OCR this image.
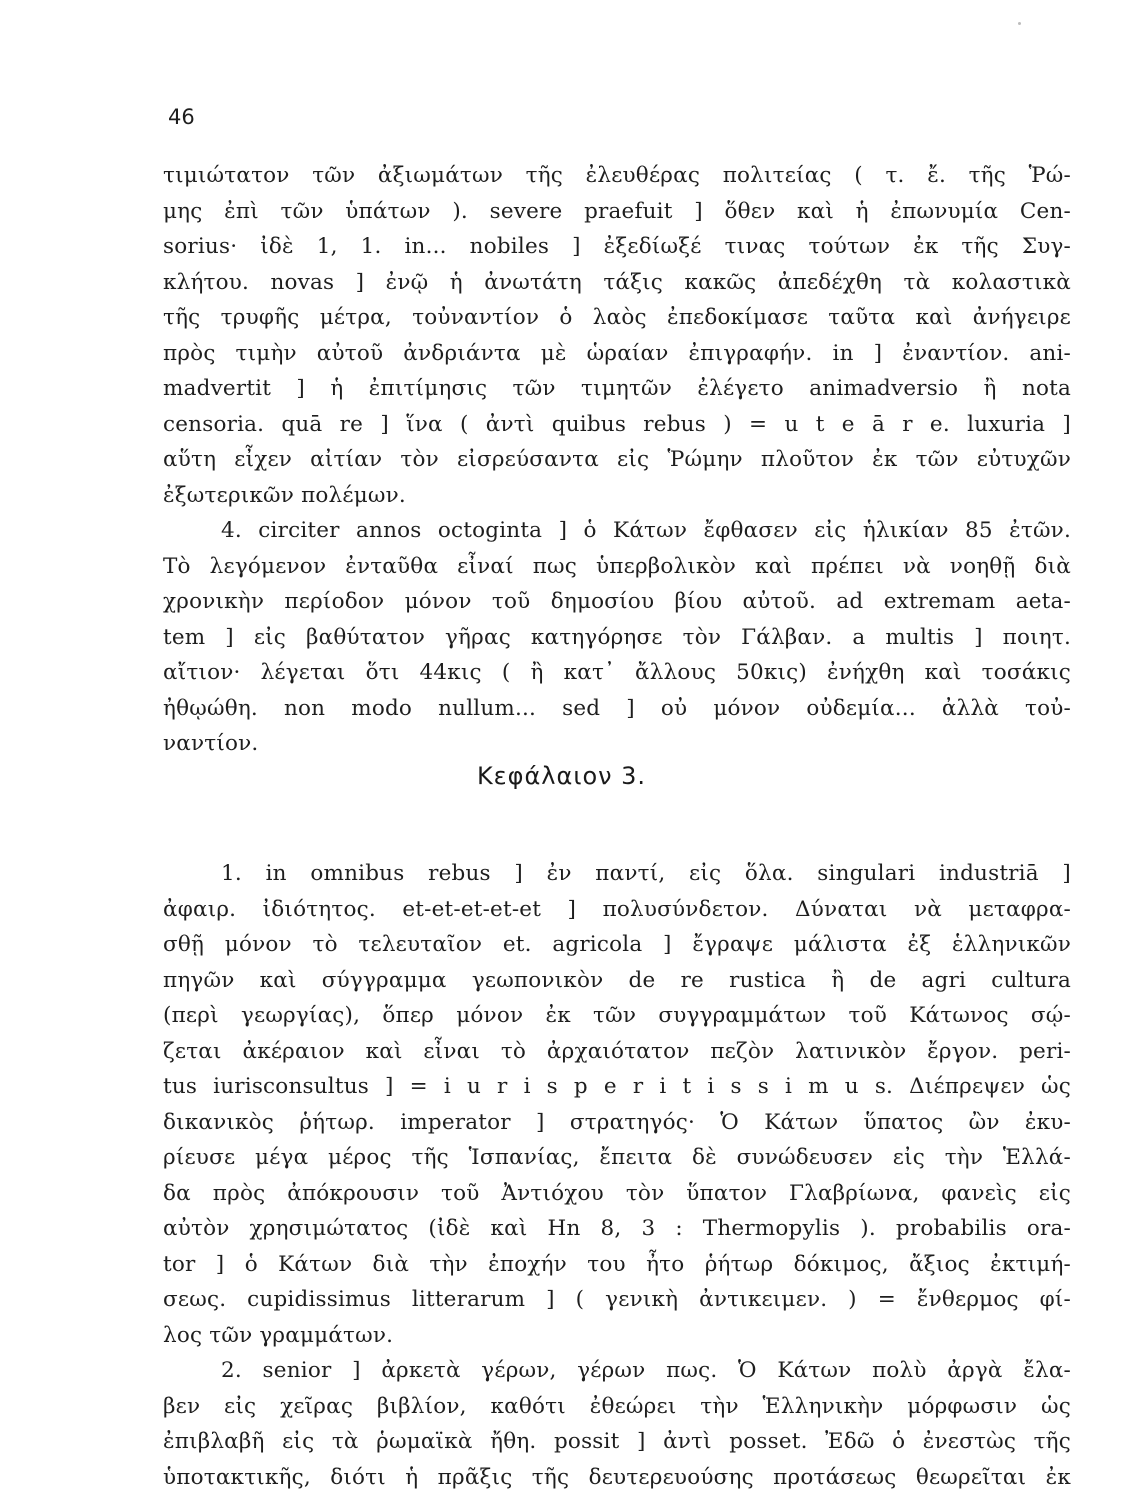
46
τιμιώτατον τῶν ἀξιωμάτων τῆς ἐλευθέρας πολιτείας ( τ. ἔ. τῆς Ῥώ-
μης ἐπὶ τῶν ὑπάτων ). severe praefuit ] ὅθεν καὶ ἡ ἐπωνυμία Cen-
sorius· ἰδὲ 1, 1. in... nobiles ] ἐξεδίωξέ τινας τούτων ἐκ τῆς Συγ-
κλήτου. novas ] ἐνῷ ἡ ἀνωτάτη τάξις κακῶς ἀπεδέχθη τὰ κολαστικὰ
τῆς τρυφῆς μέτρα, τοὐναντίον ὁ λαὸς ἐπεδοκίμασε ταῦτα καὶ ἀνήγειρε
πρὸς τιμὴν αὐτοῦ ἀνδριάντα μὲ ὡραίαν ἐπιγραφήν. in ] ἐναντίον. ani-
madvertit ] ἡ ἐπιτίμησις τῶν τιμητῶν ἐλέγετο animadversio ἢ nota
censoria. quā re ] ἵνα ( ἀντὶ quibus rebus ) = u t e ā r e. luxuria ]
αὕτη εἶχεν αἰτίαν τὸν εἰσρεύσαντα εἰς Ῥώμην πλοῦτον ἐκ τῶν εὐτυχῶν
ἐξωτερικῶν πολέμων.
4. circiter annos octoginta ] ὁ Κάτων ἔφθασεν εἰς ἡλικίαν 85 ἐτῶν.
Τὸ λεγόμενον ἐνταῦθα εἶναί πως ὑπερβολικὸν καὶ πρέπει νὰ νοηθῇ διὰ
χρονικὴν περίοδον μόνον τοῦ δημοσίου βίου αὐτοῦ. ad extremam aeta-
tem ] εἰς βαθύτατον γῆρας κατηγόρησε τὸν Γάλβαν. a multis ] ποιητ.
αἴτιον· λέγεται ὅτι 44κις ( ἢ κατ᾽ ἄλλους 50κις) ἐνήχθη καὶ τοσάκις
ἠθῳώθη. non modo nullum... sed ] οὐ μόνον οὐδεμία... ἀλλὰ τοὐ-
ναντίον.
Κεφάλαιον 3.
1. in omnibus rebus ] ἐν παντί, εἰς ὅλα. singulari industriā ]
ἀφαιρ. ἰδιότητος. et-et-et-et-et ] πολυσύνδετον. Δύναται νὰ μεταφρα-
σθῇ μόνον τὸ τελευταῖον et. agricola ] ἔγραψε μάλιστα ἐξ ἑλληνικῶν
πηγῶν καὶ σύγγραμμα γεωπονικὸν de re rustica ἢ de agri cultura
(περὶ γεωργίας), ὅπερ μόνον ἐκ τῶν συγγραμμάτων τοῦ Κάτωνος σῴ-
ζεται ἀκέραιον καὶ εἶναι τὸ ἀρχαιότατον πεζὸν λατινικὸν ἔργον. peri-
tus iurisconsultus ] = i u r i s p e r i t i s s i m u s. Διέπρεψεν ὡς
δικανικὸς ῥήτωρ. imperator ] στρατηγός· Ὁ Κάτων ὕπατος ὢν ἐκυ-
ρίευσε μέγα μέρος τῆς Ἱσπανίας, ἔπειτα δὲ συνώδευσεν εἰς τὴν Ἑλλά-
δα πρὸς ἀπόκρουσιν τοῦ Ἀντιόχου τὸν ὕπατον Γλαβρίωνα, φανεὶς εἰς
αὐτὸν χρησιμώτατος (ἰδὲ καὶ Hn 8, 3 : Thermopylis ). probabilis ora-
tor ] ὁ Κάτων διὰ τὴν ἐποχήν του ἦτο ῥήτωρ δόκιμος, ἄξιος ἐκτιμή-
σεως. cupidissimus litterarum ] ( γενικὴ ἀντικειμεν. ) = ἔνθερμος φί-
λος τῶν γραμμάτων.
2. senior ] ἀρκετὰ γέρων, γέρων πως. Ὁ Κάτων πολὺ ἀργὰ ἔλα-
βεν εἰς χεῖρας βιβλίον, καθότι ἐθεώρει τὴν Ἑλληνικὴν μόρφωσιν ὡς
ἐπιβλαβῆ εἰς τὰ ῥωμαϊκὰ ἤθη. possit ] ἀντὶ posset. Ἐδῶ ὁ ἐνεστὼς τῆς
ὑποτακτικῆς, διότι ἡ πρᾶξις τῆς δευτερευούσης προτάσεως θεωρεῖται ἐκ
